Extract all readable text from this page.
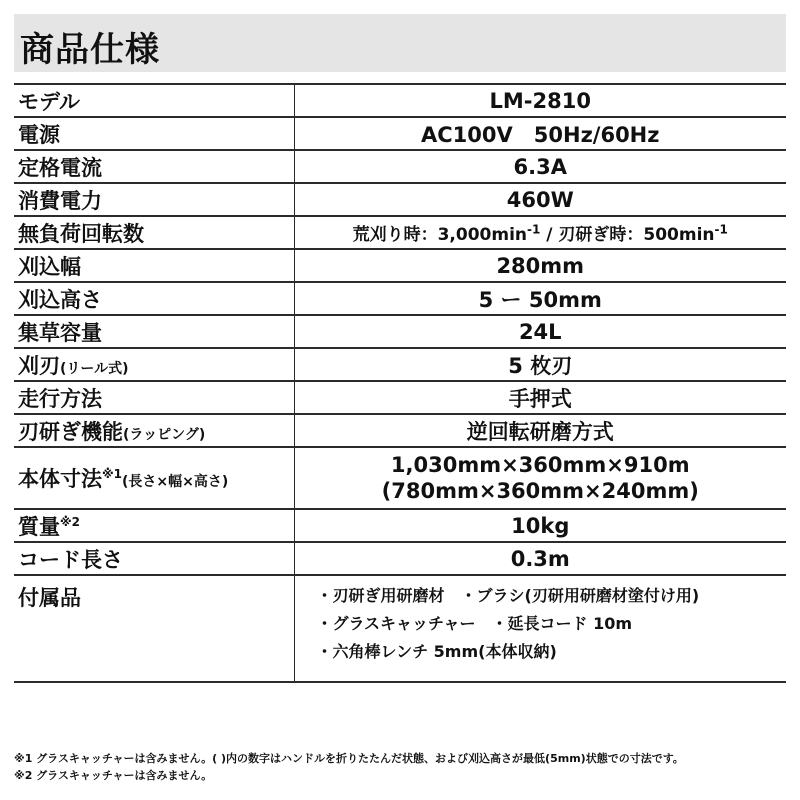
商品仕様
モデル	LM-2810
電源	AC100V　50Hz/60Hz
定格電流	6.3A
消費電力	460W
無負荷回転数	荒刈り時：$3,000\min^{-1}$ / 刃研ぎ時：$500\min^{-1}$
刈込幅	280mm
刈込高さ	5 ー 50mm
集草容量	24L
刈刃(リール式)	5 枚刃
走行方法	手押式
刃研ぎ機能(ラッピング)	逆回転研磨方式
本体寸法$^{※1}$(長さ×幅×高さ)	1,030mm×360mm×910m
(780mm×360mm×240mm)

質量$^{※2}$	10kg
コード長さ	0.3m
付属品	・刃研ぎ用研磨材　・ブラシ(刃研用研磨材塗付け用)
・グラスキャッチャー　・延長コード 10m
・六角棒レンチ 5mm(本体収納)
※1 グラスキャッチャーは含みません。( )内の数字はハンドルを折りたたんだ状態、および刈込高さが最低(5mm)状態での寸法です。
※2 グラスキャッチャーは含みません。
